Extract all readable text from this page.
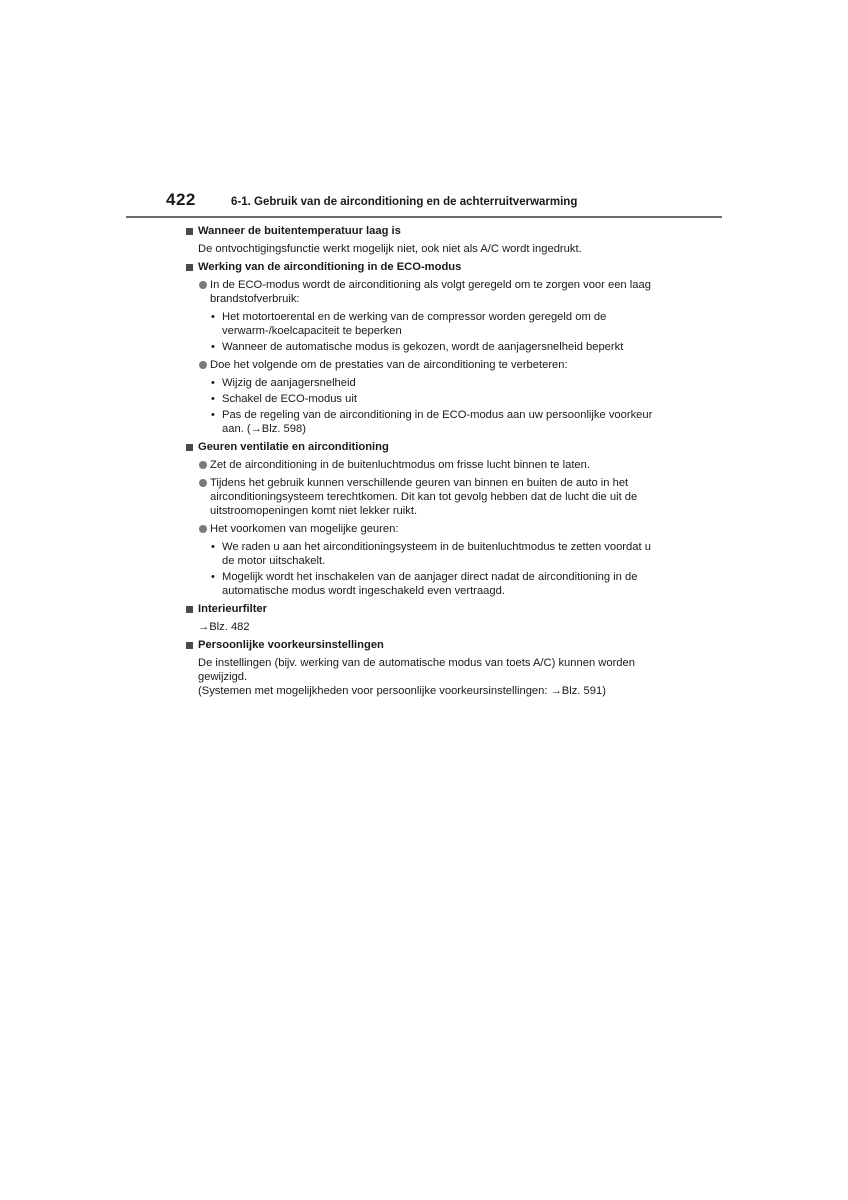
422	6-1. Gebruik van de airconditioning en de achterruitverwarming
Wanneer de buitentemperatuur laag is
De ontvochtigingsfunctie werkt mogelijk niet, ook niet als A/C wordt ingedrukt.
Werking van de airconditioning in de ECO-modus
In de ECO-modus wordt de airconditioning als volgt geregeld om te zorgen voor een laag brandstofverbruik:
• Het motortoerental en de werking van de compressor worden geregeld om de verwarm-/koelcapaciteit te beperken
• Wanneer de automatische modus is gekozen, wordt de aanjagersnelheid beperkt
Doe het volgende om de prestaties van de airconditioning te verbeteren:
• Wijzig de aanjagersnelheid
• Schakel de ECO-modus uit
• Pas de regeling van de airconditioning in de ECO-modus aan uw persoonlijke voorkeur aan. (→Blz. 598)
Geuren ventilatie en airconditioning
Zet de airconditioning in de buitenluchtmodus om frisse lucht binnen te laten.
Tijdens het gebruik kunnen verschillende geuren van binnen en buiten de auto in het airconditioningsysteem terechtkomen. Dit kan tot gevolg hebben dat de lucht die uit de uitstroomopeningen komt niet lekker ruikt.
Het voorkomen van mogelijke geuren:
• We raden u aan het airconditioningsysteem in de buitenluchtmodus te zetten voordat u de motor uitschakelt.
• Mogelijk wordt het inschakelen van de aanjager direct nadat de airconditioning in de automatische modus wordt ingeschakeld even vertraagd.
Interieurfilter
→Blz. 482
Persoonlijke voorkeursinstellingen
De instellingen (bijv. werking van de automatische modus van toets A/C) kunnen worden gewijzigd.
(Systemen met mogelijkheden voor persoonlijke voorkeursinstellingen: →Blz. 591)
